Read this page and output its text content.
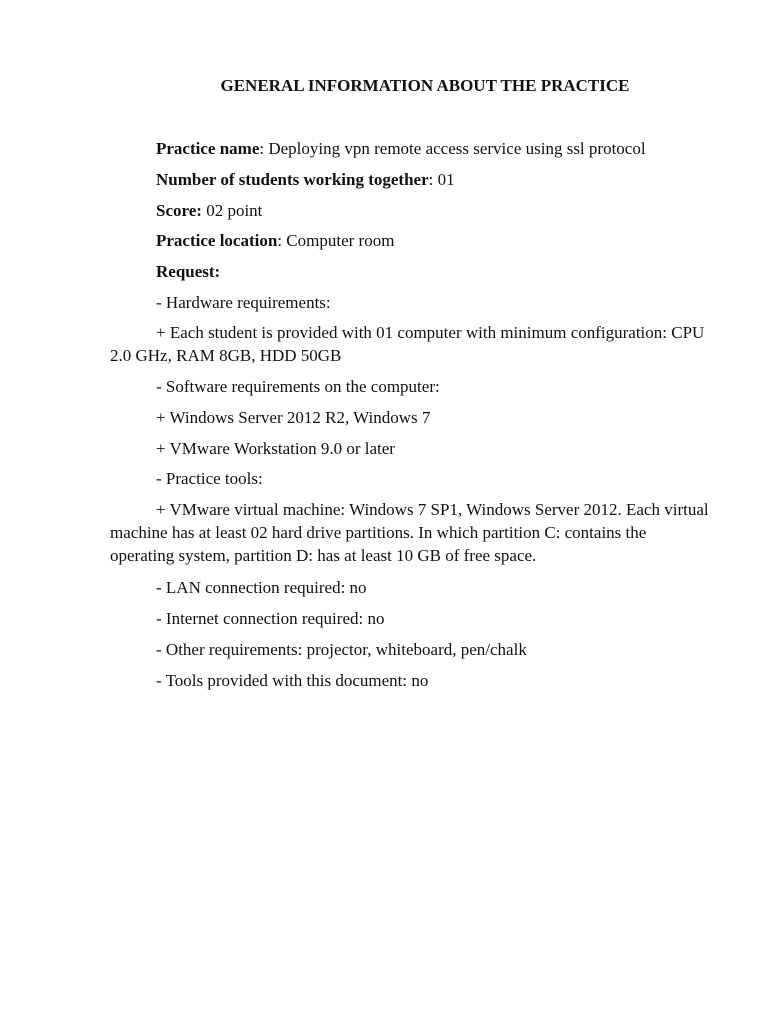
GENERAL INFORMATION ABOUT THE PRACTICE

Practice name: Deploying vpn remote access service using ssl protocol

Number of students working together: 01

Score: 02 point

Practice location: Computer room

Request:

- Hardware requirements:

+ Each student is provided with 01 computer with minimum configuration: CPU 2.0 GHz, RAM 8GB, HDD 50GB

- Software requirements on the computer:

+ Windows Server 2012 R2, Windows 7

+ VMware Workstation 9.0 or later

- Practice tools:

+ VMware virtual machine: Windows 7 SP1, Windows Server 2012. Each virtual machine has at least 02 hard drive partitions. In which partition C: contains the operating system, partition D: has at least 10 GB of free space.

- LAN connection required: no

- Internet connection required: no

- Other requirements: projector, whiteboard, pen/chalk

- Tools provided with this document: no
